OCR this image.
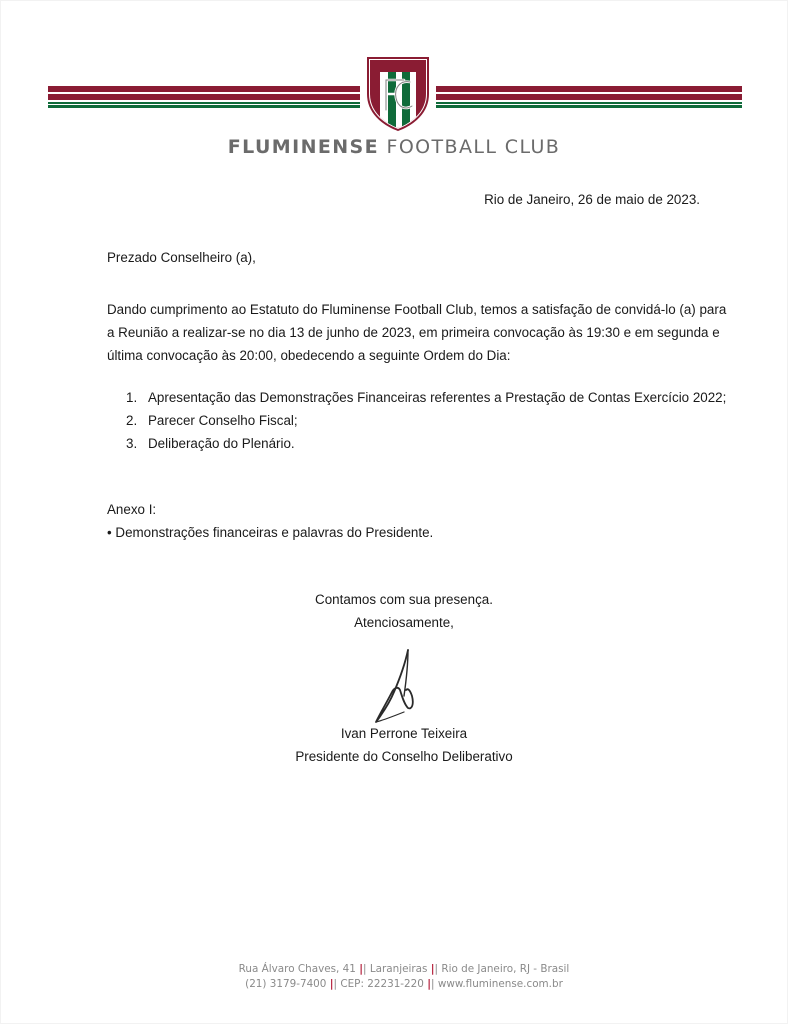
FLUMINENSE FOOTBALL CLUB
Rio de Janeiro, 26 de maio de 2023.
Prezado Conselheiro (a),
Dando cumprimento ao Estatuto do Fluminense Football Club, temos a satisfação de convidá-lo (a) para
a Reunião a realizar-se no dia 13 de junho de 2023, em primeira convocação às 19:30 e em segunda e
última convocação às 20:00, obedecendo a seguinte Ordem do Dia:
1. Apresentação das Demonstrações Financeiras referentes a Prestação de Contas Exercício 2022;
2. Parecer Conselho Fiscal;
3. Deliberação do Plenário.
Anexo I:
• Demonstrações financeiras e palavras do Presidente.
Contamos com sua presença.
Atenciosamente,
Ivan Perrone Teixeira
Presidente do Conselho Deliberativo
Rua Álvaro Chaves, 41 || Laranjeiras || Rio de Janeiro, RJ - Brasil
(21) 3179-7400 || CEP: 22231-220 || www.fluminense.com.br
